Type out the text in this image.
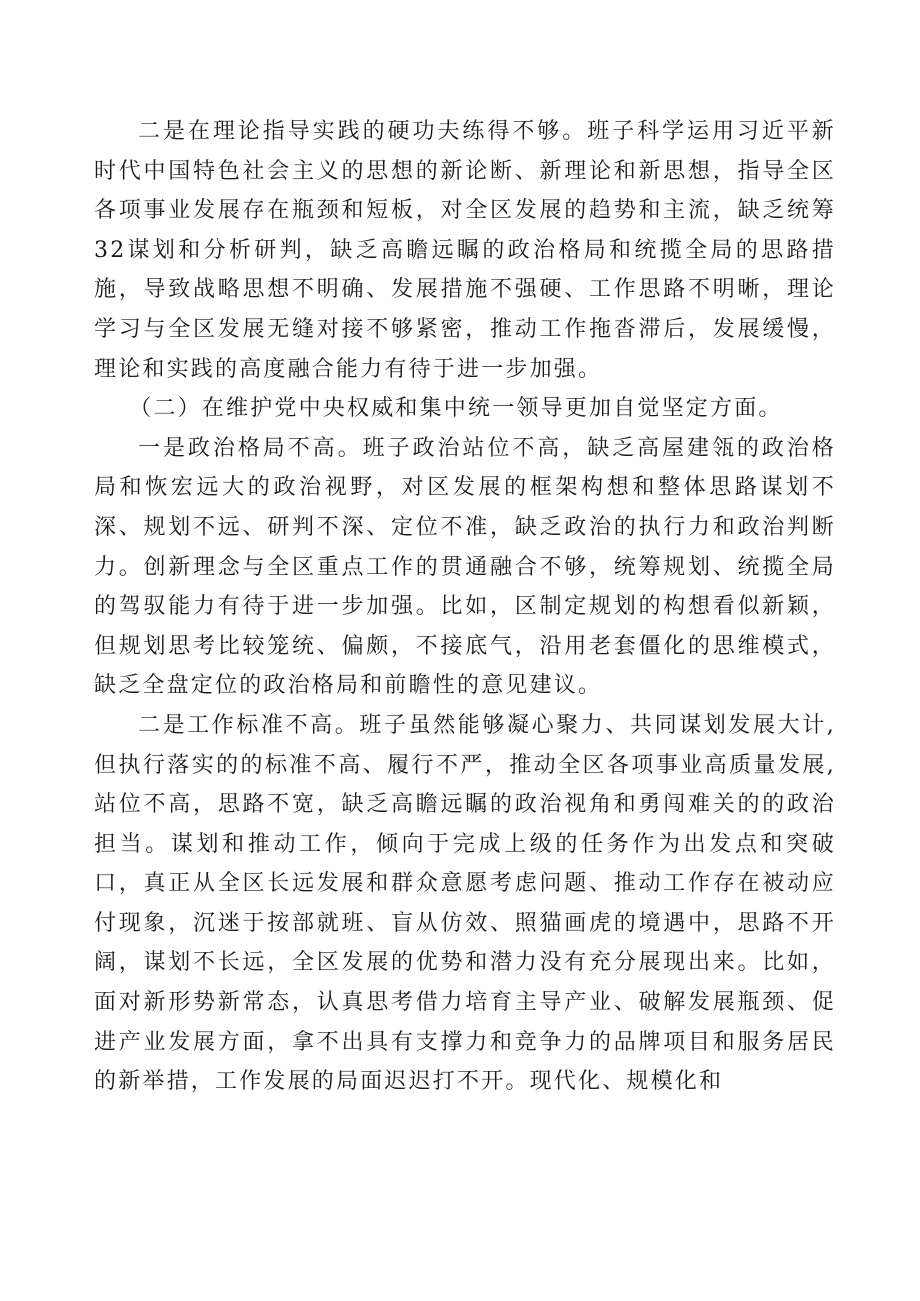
二是在理论指导实践的硬功夫练得不够。班子科学运用习近平新时代中国特色社会主义的思想的新论断、新理论和新思想，指导全区各项事业发展存在瓶颈和短板，对全区发展的趋势和主流，缺乏统筹32谋划和分析研判，缺乏高瞻远瞩的政治格局和统揽全局的思路措施，导致战略思想不明确、发展措施不强硬、工作思路不明晰，理论学习与全区发展无缝对接不够紧密，推动工作拖沓滞后，发展缓慢，理论和实践的高度融合能力有待于进一步加强。

（二）在维护党中央权威和集中统一领导更加自觉坚定方面。

一是政治格局不高。班子政治站位不高，缺乏高屋建瓴的政治格局和恢宏远大的政治视野，对区发展的框架构想和整体思路谋划不深、规划不远、研判不深、定位不准，缺乏政治的执行力和政治判断力。创新理念与全区重点工作的贯通融合不够，统筹规划、统揽全局的驾驭能力有待于进一步加强。比如，区制定规划的构想看似新颖，但规划思考比较笼统、偏颇，不接底气，沿用老套僵化的思维模式，缺乏全盘定位的政治格局和前瞻性的意见建议。

二是工作标准不高。班子虽然能够凝心聚力、共同谋划发展大计,但执行落实的的标准不高、履行不严，推动全区各项事业高质量发展,站位不高，思路不宽，缺乏高瞻远瞩的政治视角和勇闯难关的的政治担当。谋划和推动工作，倾向于完成上级的任务作为出发点和突破口，真正从全区长远发展和群众意愿考虑问题、推动工作存在被动应付现象，沉迷于按部就班、盲从仿效、照猫画虎的境遇中，思路不开阔，谋划不长远，全区发展的优势和潜力没有充分展现出来。比如，面对新形势新常态，认真思考借力培育主导产业、破解发展瓶颈、促进产业发展方面，拿不出具有支撑力和竞争力的品牌项目和服务居民的新举措，工作发展的局面迟迟打不开。现代化、规模化和
